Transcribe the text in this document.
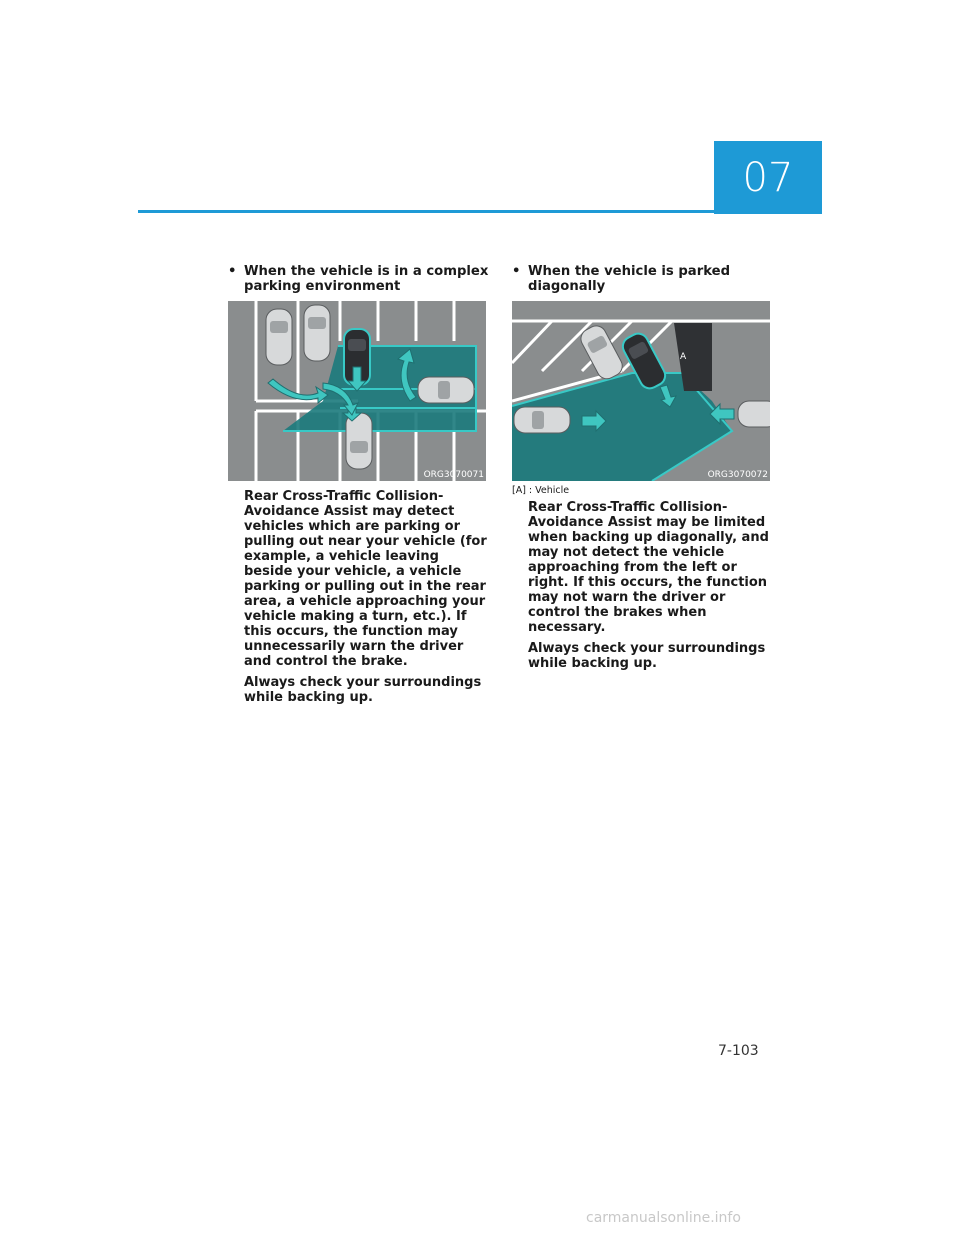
07
• When the vehicle is in a complex parking environment
ORG3070071

Rear Cross-Traffic Collision-Avoidance Assist may detect vehicles which are parking or pulling out near your vehicle (for example, a vehicle leaving beside your vehicle, a vehicle parking or pulling out in the rear area, a vehicle approaching your vehicle making a turn, etc.). If this occurs, the function may unnecessarily warn the driver and control the brake.

Always check your surroundings while backing up.

• When the vehicle is parked diagonally
A
ORG3070072
[A] : Vehicle

Rear Cross-Traffic Collision-Avoidance Assist may be limited when backing up diagonally, and may not detect the vehicle approaching from the left or right. If this occurs, the function may not warn the driver or control the brakes when necessary.

Always check your surroundings while backing up.

7-103
carmanualsonline.info
